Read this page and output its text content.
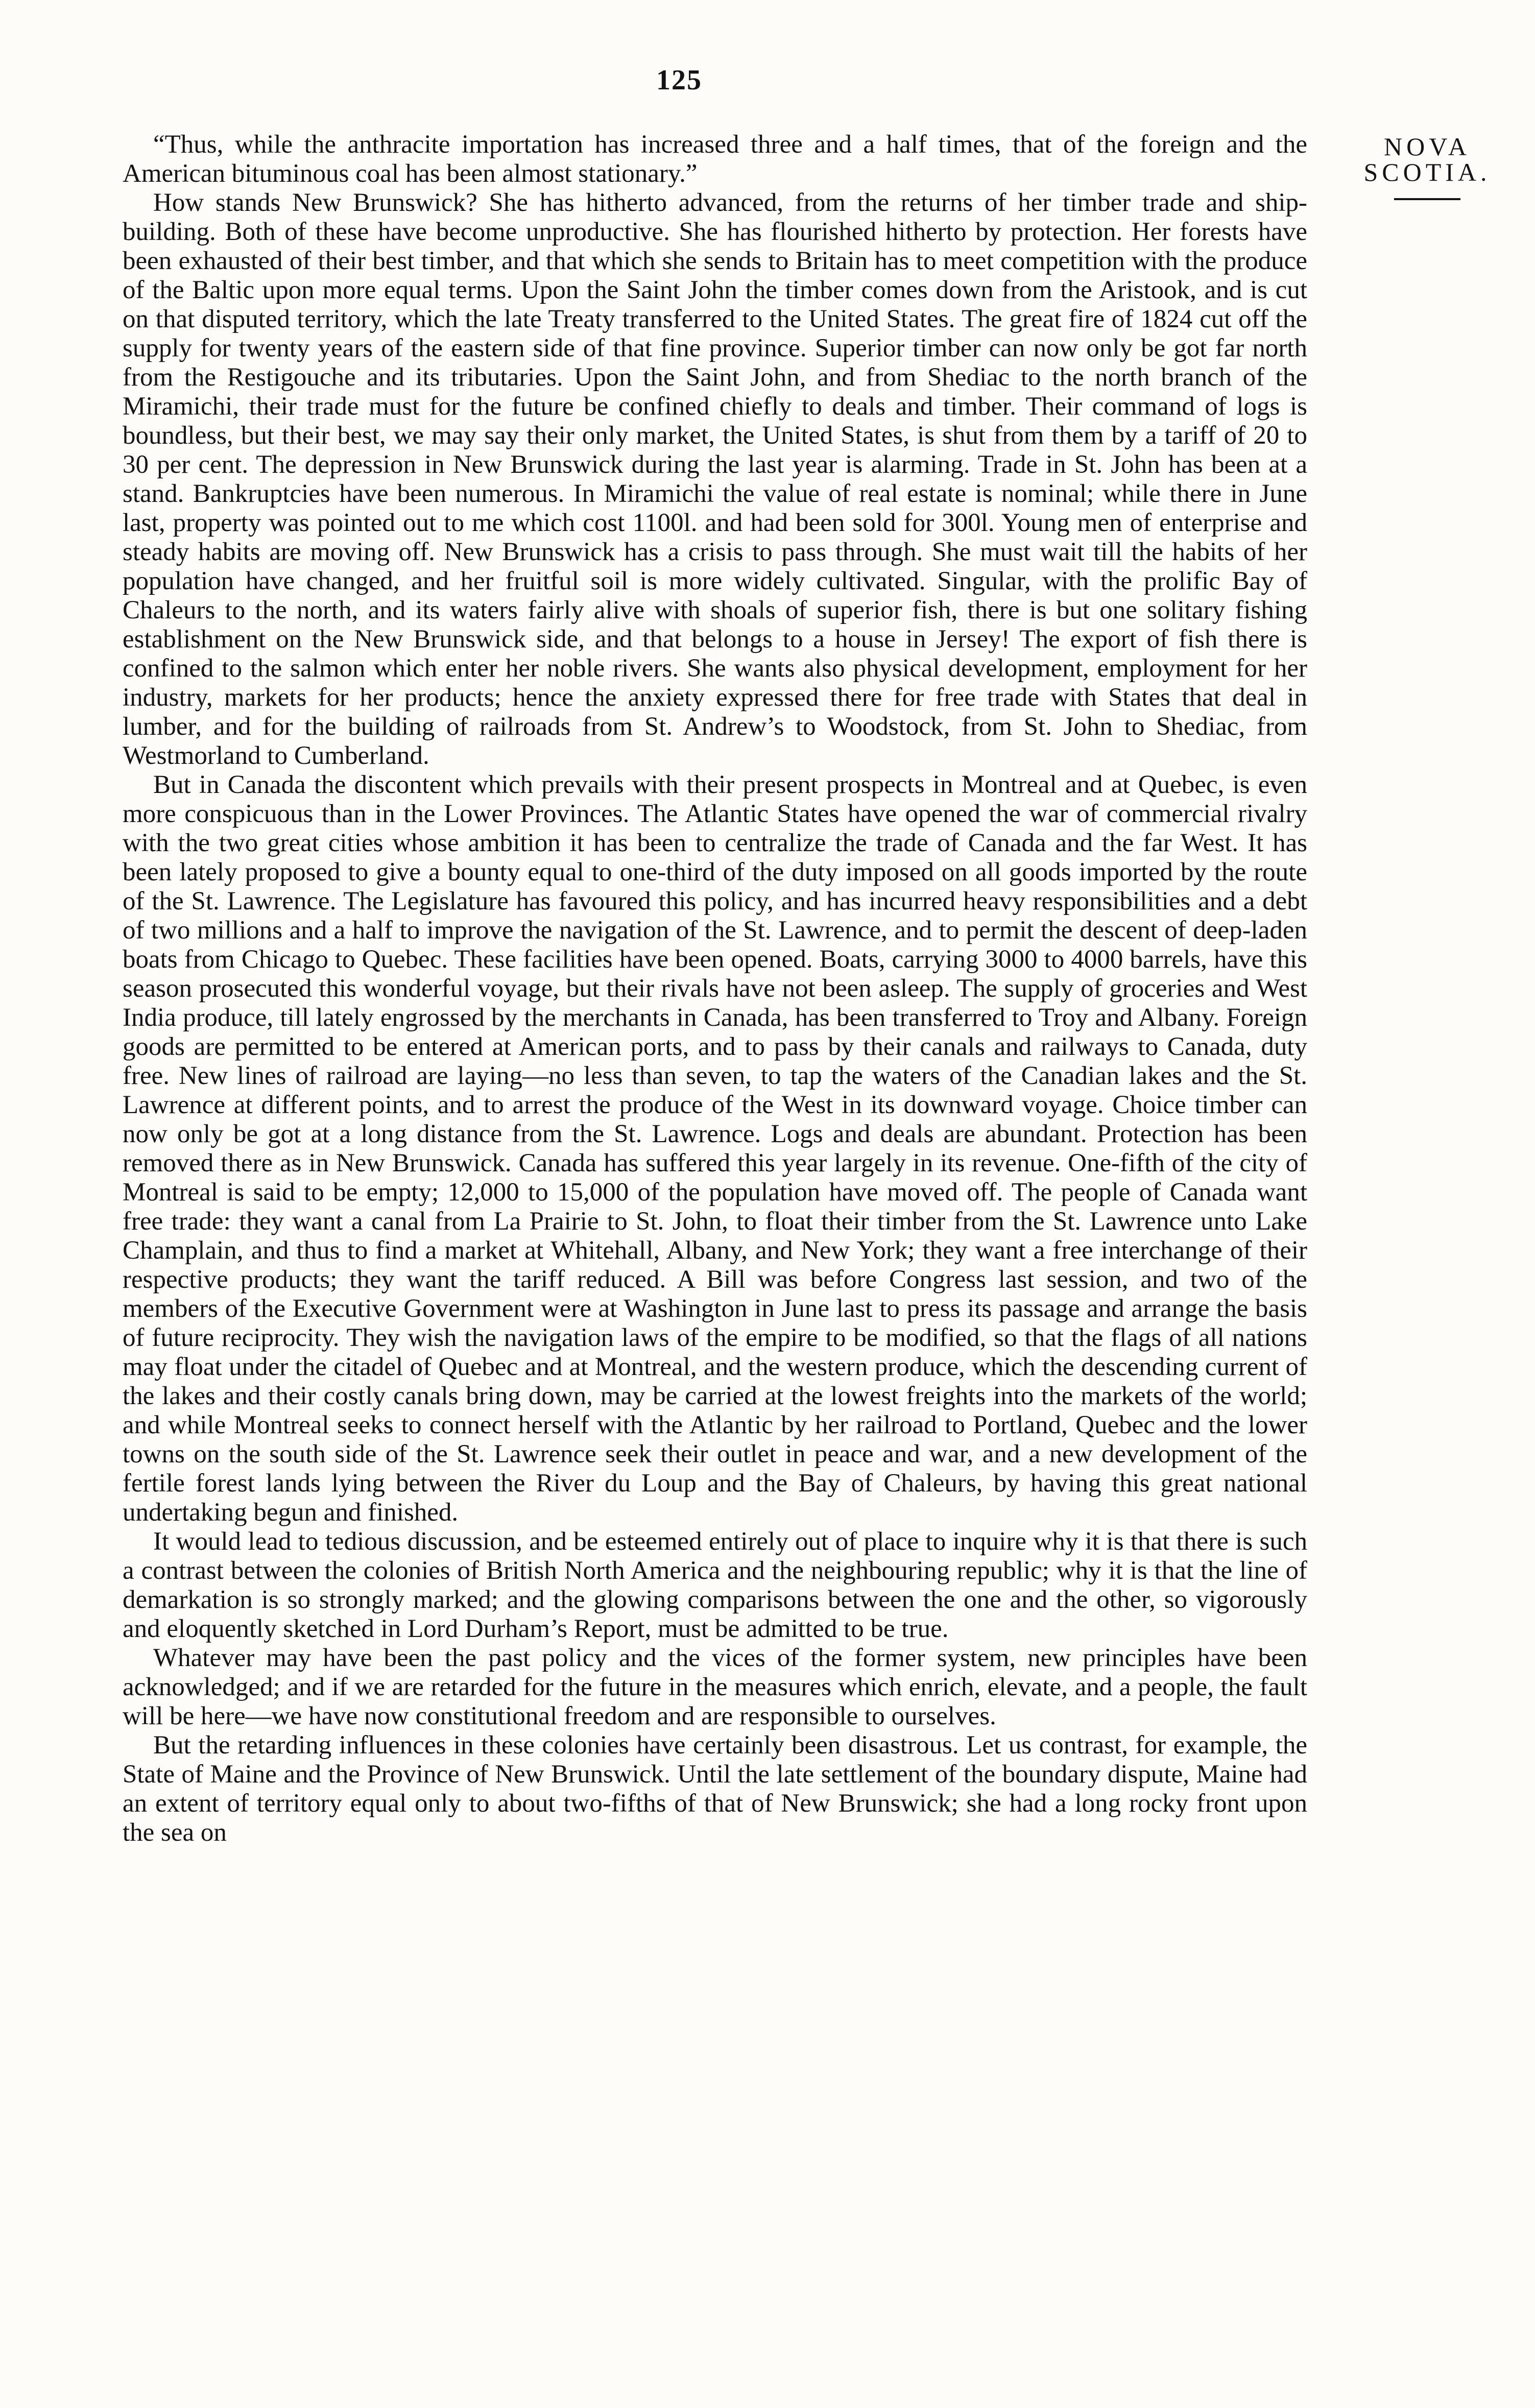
125
NOVA SCOTIA.

“Thus, while the anthracite importation has increased three and a half times, that of the foreign and the American bituminous coal has been almost stationary.”

How stands New Brunswick? She has hitherto advanced, from the returns of her timber trade and ship-building. Both of these have become unproductive. She has flourished hitherto by protection. Her forests have been exhausted of their best timber, and that which she sends to Britain has to meet competition with the produce of the Baltic upon more equal terms. Upon the Saint John the timber comes down from the Aristook, and is cut on that disputed territory, which the late Treaty transferred to the United States. The great fire of 1824 cut off the supply for twenty years of the eastern side of that fine province. Superior timber can now only be got far north from the Restigouche and its tributaries. Upon the Saint John, and from Shediac to the north branch of the Miramichi, their trade must for the future be confined chiefly to deals and timber. Their command of logs is boundless, but their best, we may say their only market, the United States, is shut from them by a tariff of 20 to 30 per cent. The depression in New Brunswick during the last year is alarming. Trade in St. John has been at a stand. Bankruptcies have been numerous. In Miramichi the value of real estate is nominal; while there in June last, property was pointed out to me which cost 1100l. and had been sold for 300l. Young men of enterprise and steady habits are moving off. New Brunswick has a crisis to pass through. She must wait till the habits of her population have changed, and her fruitful soil is more widely cultivated. Singular, with the prolific Bay of Chaleurs to the north, and its waters fairly alive with shoals of superior fish, there is but one solitary fishing establishment on the New Brunswick side, and that belongs to a house in Jersey! The export of fish there is confined to the salmon which enter her noble rivers. She wants also physical development, employment for her industry, markets for her products; hence the anxiety expressed there for free trade with States that deal in lumber, and for the building of railroads from St. Andrew’s to Woodstock, from St. John to Shediac, from Westmorland to Cumberland.

But in Canada the discontent which prevails with their present prospects in Montreal and at Quebec, is even more conspicuous than in the Lower Provinces. The Atlantic States have opened the war of commercial rivalry with the two great cities whose ambition it has been to centralize the trade of Canada and the far West. It has been lately proposed to give a bounty equal to one-third of the duty imposed on all goods imported by the route of the St. Lawrence. The Legislature has favoured this policy, and has incurred heavy responsibilities and a debt of two millions and a half to improve the navigation of the St. Lawrence, and to permit the descent of deep-laden boats from Chicago to Quebec. These facilities have been opened. Boats, carrying 3000 to 4000 barrels, have this season prosecuted this wonderful voyage, but their rivals have not been asleep. The supply of groceries and West India produce, till lately engrossed by the merchants in Canada, has been transferred to Troy and Albany. Foreign goods are permitted to be entered at American ports, and to pass by their canals and railways to Canada, duty free. New lines of railroad are laying—no less than seven, to tap the waters of the Canadian lakes and the St. Lawrence at different points, and to arrest the produce of the West in its downward voyage. Choice timber can now only be got at a long distance from the St. Lawrence. Logs and deals are abundant. Protection has been removed there as in New Brunswick. Canada has suffered this year largely in its revenue. One-fifth of the city of Montreal is said to be empty; 12,000 to 15,000 of the population have moved off. The people of Canada want free trade: they want a canal from La Prairie to St. John, to float their timber from the St. Lawrence unto Lake Champlain, and thus to find a market at Whitehall, Albany, and New York; they want a free interchange of their respective products; they want the tariff reduced. A Bill was before Congress last session, and two of the members of the Executive Government were at Washington in June last to press its passage and arrange the basis of future reciprocity. They wish the navigation laws of the empire to be modified, so that the flags of all nations may float under the citadel of Quebec and at Montreal, and the western produce, which the descending current of the lakes and their costly canals bring down, may be carried at the lowest freights into the markets of the world; and while Montreal seeks to connect herself with the Atlantic by her railroad to Portland, Quebec and the lower towns on the south side of the St. Lawrence seek their outlet in peace and war, and a new development of the fertile forest lands lying between the River du Loup and the Bay of Chaleurs, by having this great national undertaking begun and finished.

It would lead to tedious discussion, and be esteemed entirely out of place to inquire why it is that there is such a contrast between the colonies of British North America and the neighbouring republic; why it is that the line of demarkation is so strongly marked; and the glowing comparisons between the one and the other, so vigorously and eloquently sketched in Lord Durham’s Report, must be admitted to be true.

Whatever may have been the past policy and the vices of the former system, new principles have been acknowledged; and if we are retarded for the future in the measures which enrich, elevate, and a people, the fault will be here—we have now constitutional freedom and are responsible to ourselves.

But the retarding influences in these colonies have certainly been disastrous. Let us contrast, for example, the State of Maine and the Province of New Brunswick. Until the late settlement of the boundary dispute, Maine had an extent of territory equal only to about two-fifths of that of New Brunswick; she had a long rocky front upon the sea on
